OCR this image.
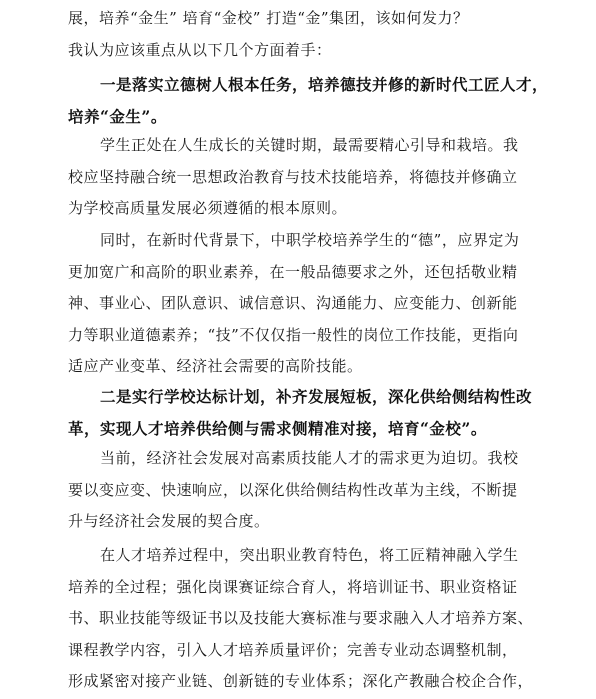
展，培养“金生” 培育“金校” 打造“金”集团，该如何发力？

我认为应该重点从以下几个方面着手：

一是落实立德树人根本任务，培养德技并修的新时代工匠人才，
培养“金生”。

学生正处在人生成长的关键时期，最需要精心引导和栽培。我
校应坚持融合统一思想政治教育与技术技能培养，将德技并修确立
为学校高质量发展必须遵循的根本原则。

同时，在新时代背景下，中职学校培养学生的“德”，应界定为
更加宽广和高阶的职业素养，在一般品德要求之外，还包括敬业精
神、事业心、团队意识、诚信意识、沟通能力、应变能力、创新能
力等职业道德素养；“技”不仅仅指一般性的岗位工作技能，更指向
适应产业变革、经济社会需要的高阶技能。

二是实行学校达标计划，补齐发展短板，深化供给侧结构性改
革，实现人才培养供给侧与需求侧精准对接，培育“金校”。

当前，经济社会发展对高素质技能人才的需求更为迫切。我校
要以变应变、快速响应，以深化供给侧结构性改革为主线，不断提
升与经济社会发展的契合度。

在人才培养过程中，突出职业教育特色，将工匠精神融入学生
培养的全过程；强化岗课赛证综合育人，将培训证书、职业资格证
书、职业技能等级证书以及技能大赛标准与要求融入人才培养方案、
课程教学内容，引入人才培养质量评价；完善专业动态调整机制，
形成紧密对接产业链、创新链的专业体系；深化产教融合校企合作，
